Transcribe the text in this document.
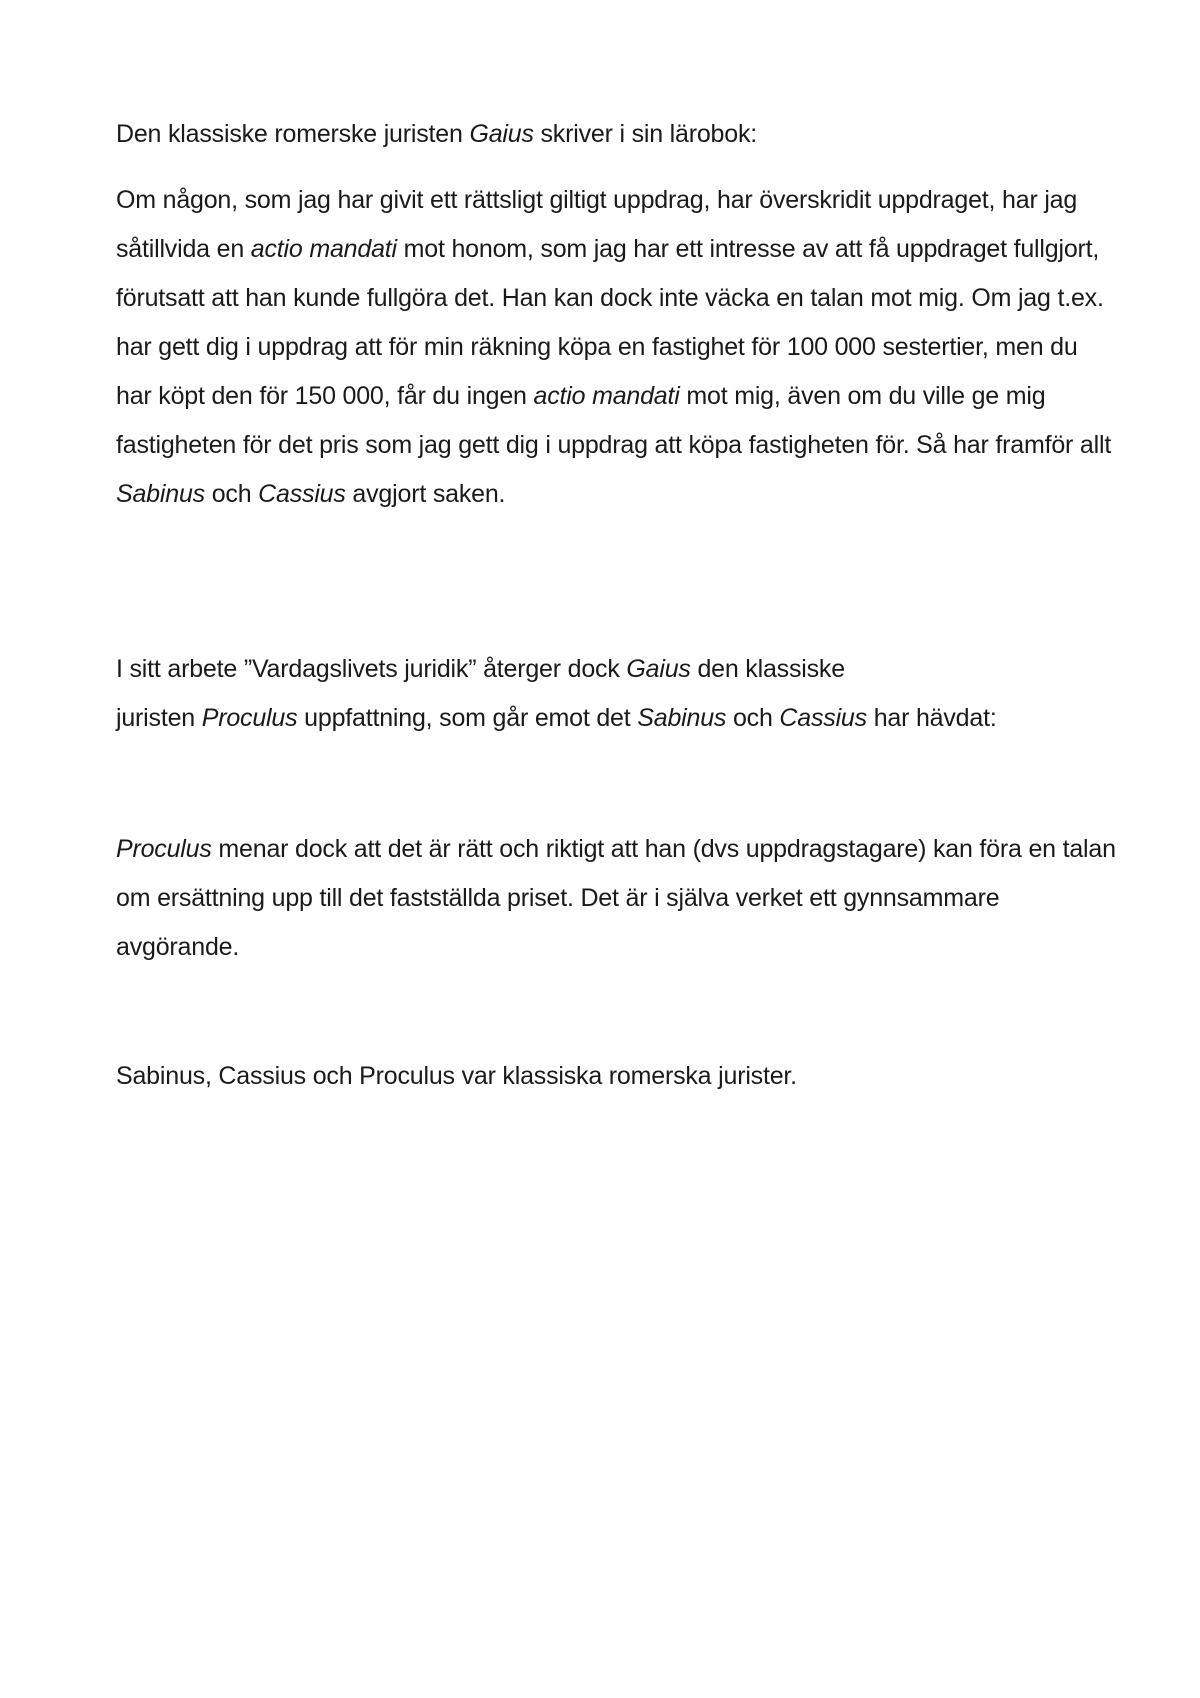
Den klassiske romerske juristen Gaius skriver i sin lärobok:

Om någon, som jag har givit ett rättsligt giltigt uppdrag, har överskridit uppdraget, har jag såtillvida en actio mandati mot honom, som jag har ett intresse av att få uppdraget fullgjort, förutsatt att han kunde fullgöra det. Han kan dock inte väcka en talan mot mig. Om jag t.ex. har gett dig i uppdrag att för min räkning köpa en fastighet för 100 000 sestertier, men du har köpt den för 150 000, får du ingen actio mandati mot mig, även om du ville ge mig fastigheten för det pris som jag gett dig i uppdrag att köpa fastigheten för. Så har framför allt Sabinus och Cassius avgjort saken.

I sitt arbete ”Vardagslivets juridik” återger dock Gaius den klassiske
juristen Proculus uppfattning, som går emot det Sabinus och Cassius har hävdat:

Proculus menar dock att det är rätt och riktigt att han (dvs uppdragstagare) kan föra en talan om ersättning upp till det fastställda priset. Det är i själva verket ett gynnsammare avgörande.

Sabinus, Cassius och Proculus var klassiska romerska jurister.
